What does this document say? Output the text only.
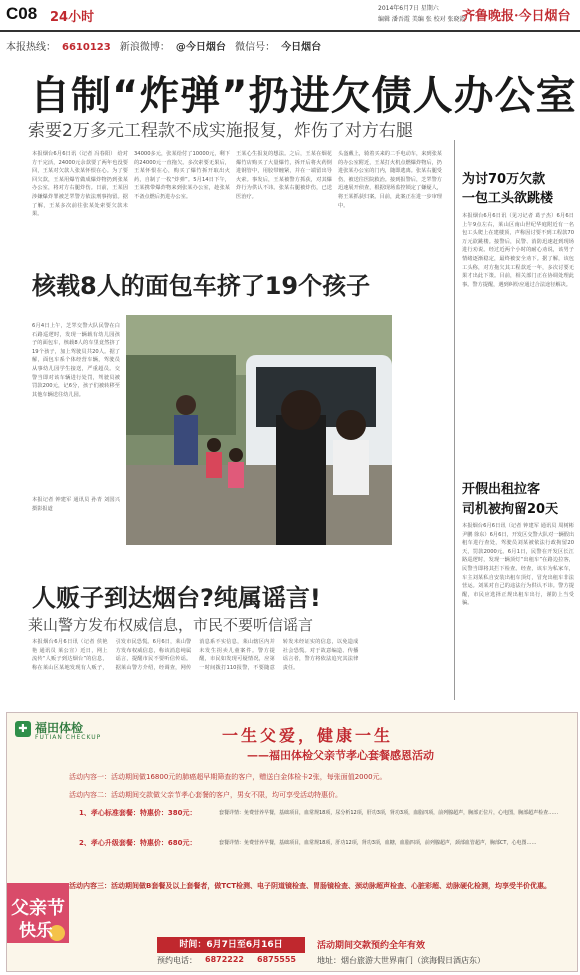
C08 24小时
2014年6月7日 星期六
编辑 潘吾霞 美编 张 校对 张晓霞
齐鲁晚报·今日烟台
本报热线： 6610123 新浪微博： @今日烟台 微信号： 今日烟台
自制“炸弹”扔进欠债人办公室
索要2万多元工程款不成实施报复，炸伤了对方右腿
本报烟台6月6日讯（记者 冯春阳） 给对方干完活，24000元余款要了两年也没要回，王某对欠款人张某怀恨在心。为了要回欠款，王某用爆竹做成爆炸物扔到张某办公室，将对方右腿炸伤。日前，王某因涉嫌爆炸罪被芝罘警方依法刑事拘留。据了解，王某多次前往张某处索要欠款未果。
34000多元，张某给付了10000元，剩下的24000元一直拖欠。多次索要无果后，王某怀恨在心，购买了爆竹拆开取出火药，自制了一枚“炸弹”。5月14日下午，王某携带爆炸物来到张某办公室，趁张某不备点燃后扔进办公室。
王某心生报复的想法。之后，王某在烟花爆竹店购买了大量爆竹，拆开后将火药倒进钢管中，用胶带缠紧，并在一端留出导火索。事发后，王某被警方抓获，对其爆炸行为供认不讳。张某右腿被炸伤，已送医治疗。
头盔戴上，骑着买来的二手电动车，来到张某的办公室附近，王某打火机点燃爆炸物后，扔进张某办公室的门内，随即逃离。张某右腿受伤，被送往医院救治。接到报警后，芝罘警方迅速展开侦查，根据现场监控锁定了嫌疑人，将王某抓获归案。目前，此案正在进一步审理中。
为讨70万欠款
一包工头欲跳楼
本报烟台6月6日讯（见习记者 葛子杰）6月6日上午9点左右，莱山区南山世纪华庭附近有一名包工头爬上在建楼顶，声称因讨要不到工程款70万元欲跳楼。接警后，民警、消防迅速赶到现场进行劝说。经过近两个小时的耐心劝说，该男子情绪逐渐稳定，最终被安全劝下。据了解，该包工头称，对方拖欠其工程款近一年，多次讨要无果才出此下策。目前，相关部门正在协调处理此事。警方提醒，遇到纠纷应通过合法途径解决。
核载8人的面包车挤了19个孩子
6月4日上午，芝罘交警大队民警在白石路巡逻时，发现一辆载有幼儿园孩子的面包车，核载8人的车里竟然挤了19个孩子，加上驾驶员共20人。据了解，面包车系个体经营车辆，驾驶员从事幼儿园学生接送，严重超员。交警当即对该车辆进行处罚，驾驶员被罚款200元，记6分，孩子们被转移至其他车辆送往幼儿园。
本报记者 钟建军 通讯员 孙青 刘国兴 摄影报道
开假出租拉客
司机被拘留20天
本报烟台6月6日讯（记者 钟建军 通讯员 周树彬 尹鹏 徐东）6月6日，开发区交警大队对一辆假出租车进行查处，驾驶员刘某被依法行政拘留20天，罚款2000元。6月1日，民警在开发区长江路巡逻时，发现一辆顶灯“出租车”在路边拉客，民警当即将其拦下检查。经查，该车为私家车，车主刘某私自安装出租车顶灯，冒充出租车非法营运。刘某对自己的违法行为供认不讳。警方提醒，市民应选择正规出租车出行，谨防上当受骗。
人贩子到达烟台?纯属谣言!
莱山警方发布权威信息，市民不要听信谣言
本报烟台6月6日讯（记者 侯艳艳 通讯员 莱公宣）近日，网上流传“人贩子到达烟台”的信息，称在莱山区某地发现有人贩子，引发市民恐慌。6月6日，莱山警方发布权威信息，称该消息纯属谣言，提醒市民不要听信传谣。据莱山警方介绍，经调查，网传消息系不实信息，莱山辖区内并未发生拐卖儿童案件。警方提醒，市民如发现可疑情况，应第一时间拨打110报警，不要随意转发未经证实的信息，以免造成社会恐慌。对于故意编造、传播谣言者，警方将依法追究其法律责任。
✚ 福田体检
FUTIAN CHECKUP	一生父爱，健康一生
——福田体检父亲节孝心套餐感恩活动
活动内容一：活动期间做16800元的肺癌超早期筛查的客户，赠送白金体检卡2张，每张面值2000元。
活动内容二：活动期间交款做父亲节孝心套餐的客户，男女不限，均可享受活动特惠价。
1、孝心标准套餐：特惠价：380元：	套餐详情：免费营养早餐，基础项目，血常规18项，尿分析12项，肝功3项，肾功3项，血脂四项，前列腺超声，胸部正位片，心电图，胸部超声检查……
2、孝心升级套餐：特惠价：680元：	套餐详情：免费营养早餐，基础项目，血常规18项，肝功12项，肾功3项，血糖，血脂四项，前列腺超声，颈部血管超声，胸部CT，心电图……
活动内容三：活动期间做B套餐及以上套餐者，做TCT检测、电子阴道镜检查、胃肠镜检查、颈动脉超声检查、心脏彩超、动脉硬化检测，均享受半价优惠。
父亲节
快乐
时间：6月7日至6月16日	活动期间交款预约全年有效
预约电话： 6872222 6875555	地址：烟台旅游大世界南门（滨海假日酒店东）
